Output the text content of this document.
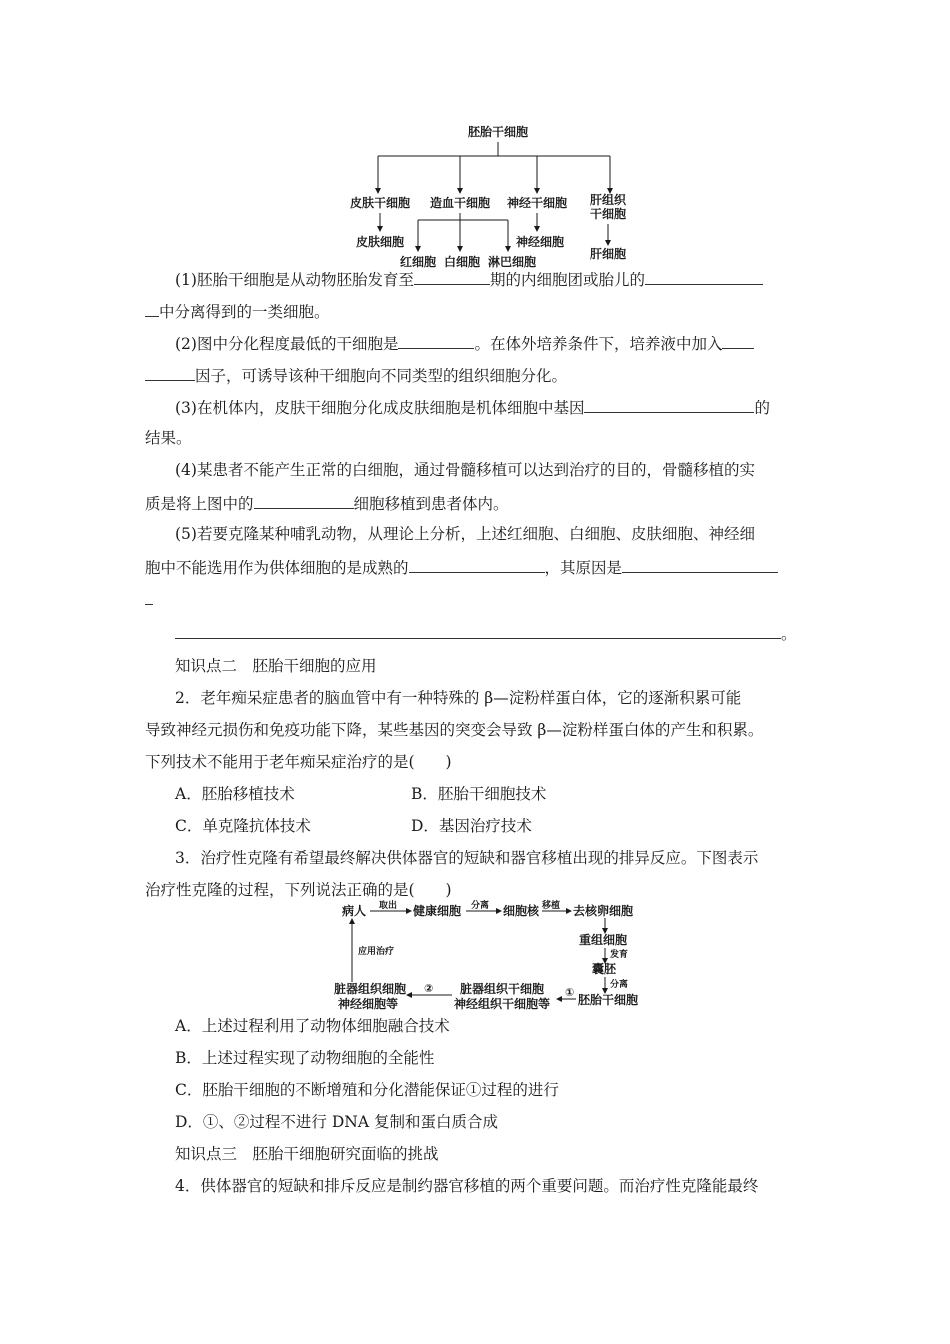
胚胎干细胞
皮肤干细胞 造血干细胞 神经干细胞 肝组织
干细胞
皮肤细胞
红细胞 白细胞 淋巴细胞
神经细胞
肝细胞
(1)胚胎干细胞是从动物胚胎发育至	期的内细胞团或胎儿的
中分离得到的一类细胞。
(2)图中分化程度最低的干细胞是	。在体外培养条件下，培养液中加入
因子，可诱导该种干细胞向不同类型的组织细胞分化。
(3)在机体内，皮肤干细胞分化成皮肤细胞是机体细胞中基因	的
结果。
(4)某患者不能产生正常的白细胞，通过骨髓移植可以达到治疗的目的，骨髓移植的实
质是将上图中的	细胞移植到患者体内。
(5)若要克隆某种哺乳动物，从理论上分析，上述红细胞、白细胞、皮肤细胞、神经细
胞中不能选用作为供体细胞的是成熟的	，其原因是
。
知识点二　胚胎干细胞的应用
2．老年痴呆症患者的脑血管中有一种特殊的 β—淀粉样蛋白体，它的逐渐积累可能
导致神经元损伤和免疫功能下降，某些基因的突变会导致 β—淀粉样蛋白体的产生和积累。
下列技术不能用于老年痴呆症治疗的是(　　)
A．胚胎移植技术	B．胚胎干细胞技术
C．单克隆抗体技术	D．基因治疗技术
3．治疗性克隆有希望最终解决供体器官的短缺和器官移植出现的排异反应。下图表示
治疗性克隆的过程，下列说法正确的是(　　)
病人 取出 健康细胞 分离 细胞核 移植 去核卵细胞
重组细胞
发育
囊胚
分离
胚胎干细胞
①
脏器组织干细胞
神经组织干细胞等
②
脏器组织细胞
神经细胞等
应用治疗
A．上述过程利用了动物体细胞融合技术
B．上述过程实现了动物细胞的全能性
C．胚胎干细胞的不断增殖和分化潜能保证①过程的进行
D．①、②过程不进行 DNA 复制和蛋白质合成
知识点三　胚胎干细胞研究面临的挑战
4．供体器官的短缺和排斥反应是制约器官移植的两个重要问题。而治疗性克隆能最终
